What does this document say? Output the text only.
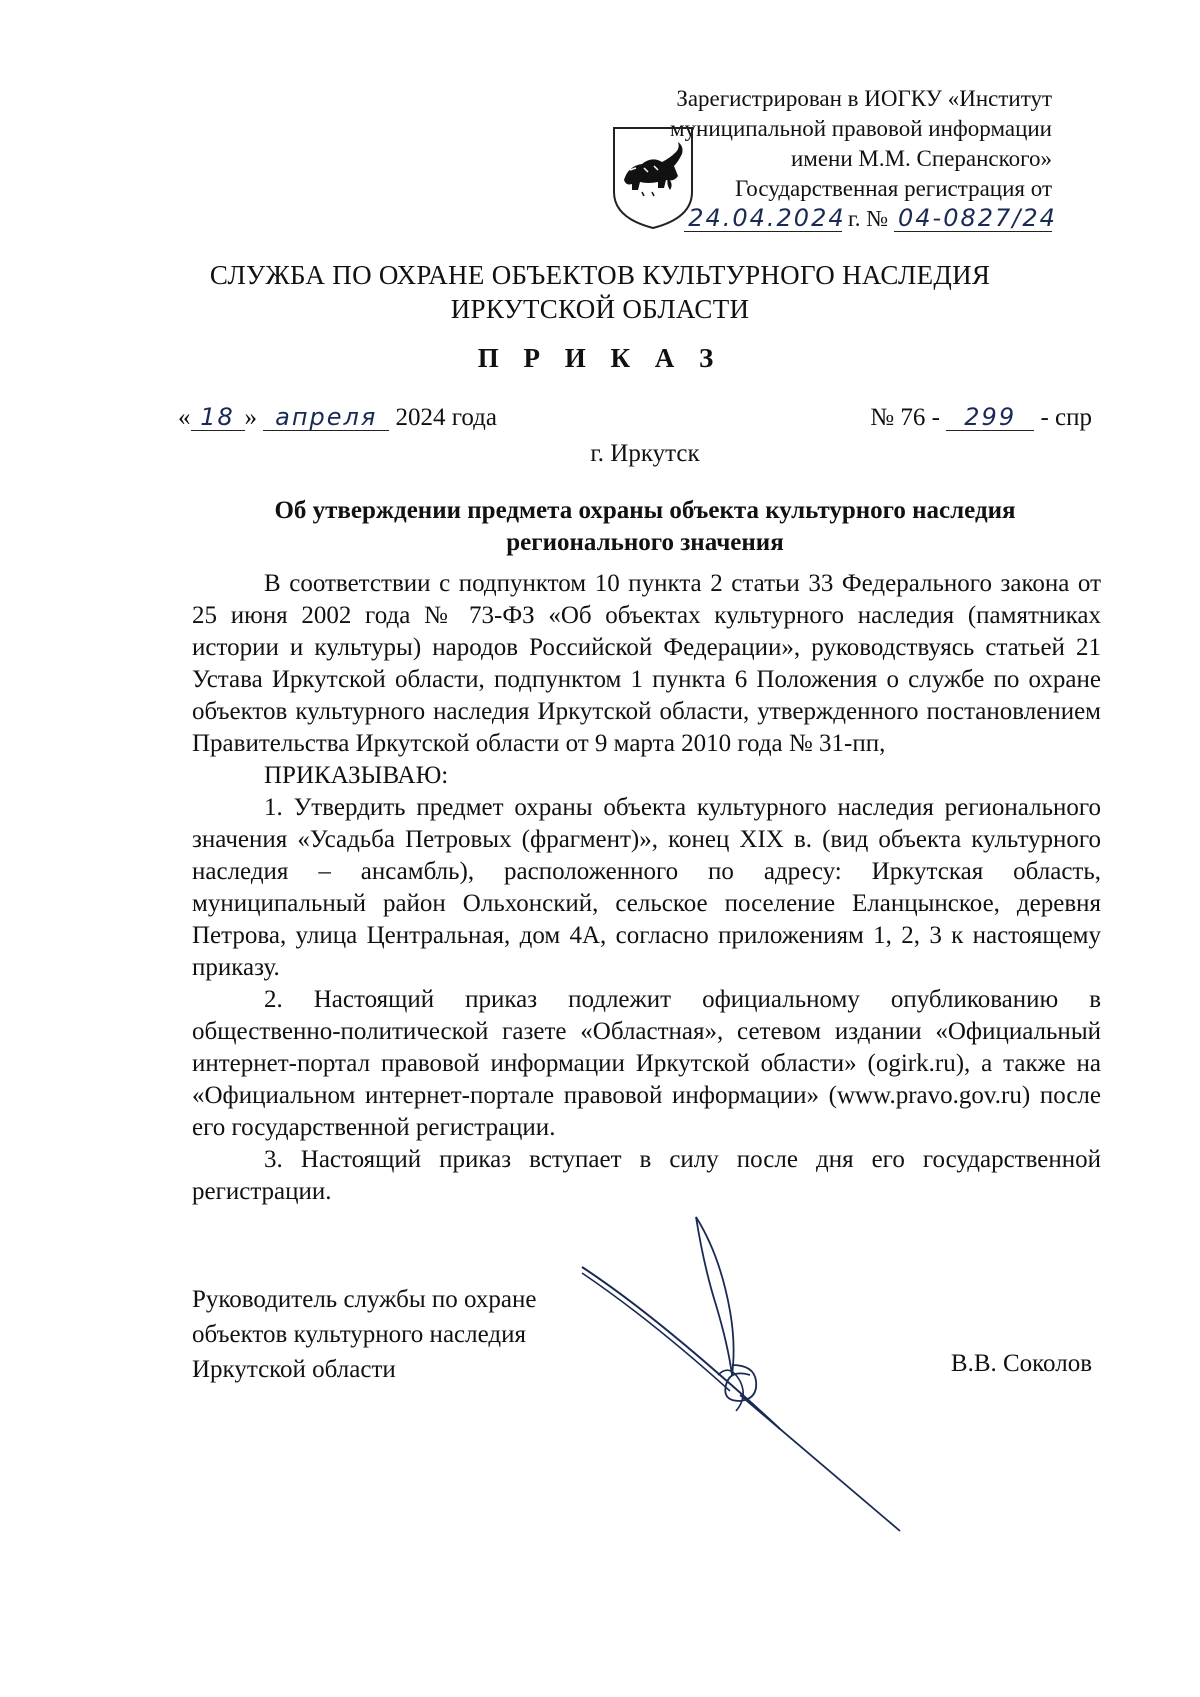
Зарегистрирован в ИОГКУ «Институт
муниципальной правовой информации
имени М.М. Сперанского»
Государственная регистрация от
24.04.2024 г. № 04-0827/24
СЛУЖБА ПО ОХРАНЕ ОБЪЕКТОВ КУЛЬТУРНОГО НАСЛЕДИЯ
ИРКУТСКОЙ ОБЛАСТИ
П Р И К А З
« 18 » апреля 2024 года	№ 76 - 299 - спр
г. Иркутск
Об утверждении предмета охраны объекта культурного наследия
регионального значения

В соответствии с подпунктом 10 пункта 2 статьи 33 Федерального закона от 25 июня 2002 года № 73-ФЗ «Об объектах культурного наследия (памятниках истории и культуры) народов Российской Федерации», руководствуясь статьей 21 Устава Иркутской области, подпунктом 1 пункта 6 Положения о службе по охране объектов культурного наследия Иркутской области, утвержденного постановлением Правительства Иркутской области от 9 марта 2010 года № 31-пп,

ПРИКАЗЫВАЮ:

1. Утвердить предмет охраны объекта культурного наследия регионального значения «Усадьба Петровых (фрагмент)», конец XIX в. (вид объекта культурного наследия – ансамбль), расположенного по адресу: Иркутская область, муниципальный район Ольхонский, сельское поселение Еланцынское, деревня Петрова, улица Центральная, дом 4А, согласно приложениям 1, 2, 3 к настоящему приказу.

2. Настоящий приказ подлежит официальному опубликованию в общественно-политической газете «Областная», сетевом издании «Официальный интернет-портал правовой информации Иркутской области» (ogirk.ru), а также на «Официальном интернет-портале правовой информации» (www.pravo.gov.ru) после его государственной регистрации.

3. Настоящий приказ вступает в силу после дня его государственной регистрации.

Руководитель службы по охране
объектов культурного наследия
Иркутской области	В.В. Соколов
